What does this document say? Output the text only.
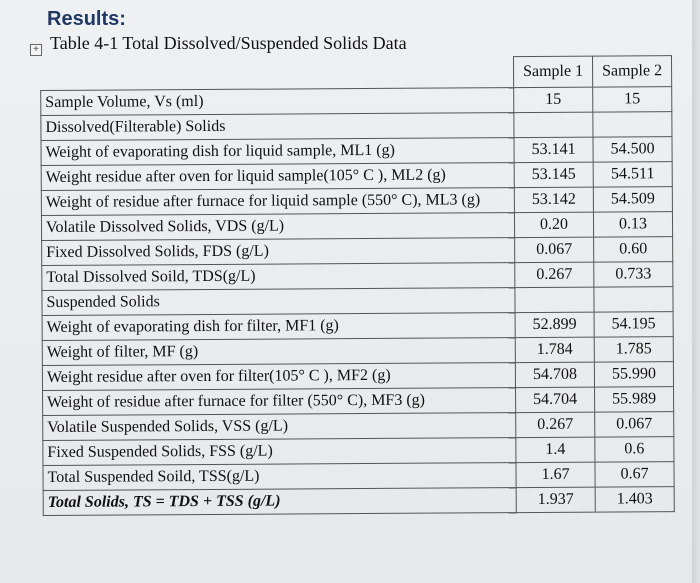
Results:
+ Table 4-1 Total Dissolved/Suspended Solids Data
	Sample 1	Sample 2
Sample Volume, Vs (ml)	15	15
Dissolved(Filterable) Solids		
Weight of evaporating dish for liquid sample, ML1 (g)	53.141	54.500
Weight residue after oven for liquid sample(105° C ), ML2 (g)	53.145	54.511
Weight of residue after furnace for liquid sample (550° C), ML3 (g)	53.142	54.509
Volatile Dissolved Solids, VDS (g/L)	0.20	0.13
Fixed Dissolved Solids, FDS (g/L)	0.067	0.60
Total Dissolved Soild, TDS(g/L)	0.267	0.733
Suspended Solids		
Weight of evaporating dish for filter, MF1 (g)	52.899	54.195
Weight of filter, MF (g)	1.784	1.785
Weight residue after oven for filter(105° C ), MF2 (g)	54.708	55.990
Weight of residue after furnace for filter (550° C), MF3 (g)	54.704	55.989
Volatile Suspended Solids, VSS (g/L)	0.267	0.067
Fixed Suspended Solids, FSS (g/L)	1.4	0.6
Total Suspended Soild, TSS(g/L)	1.67	0.67
Total Solids, TS = TDS + TSS (g/L)	1.937	1.403
